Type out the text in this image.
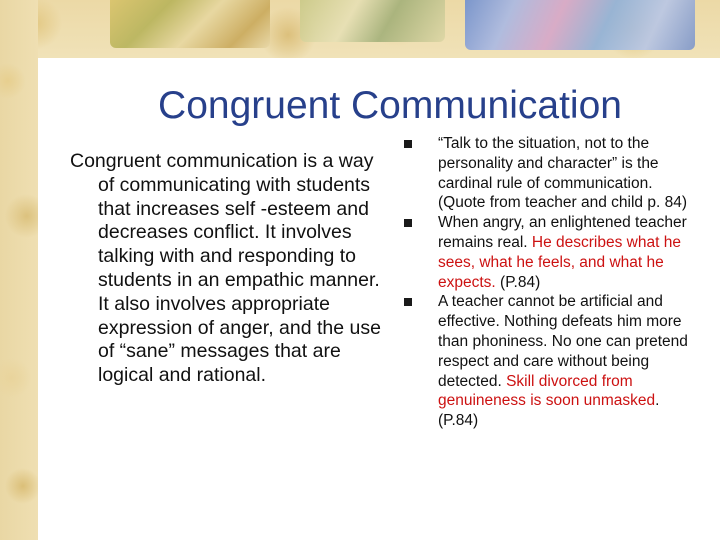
Congruent Communication

Congruent communication is a way of communicating with students that increases self -esteem and decreases conflict. It involves talking with and responding to students in an empathic manner. It also involves appropriate expression of anger, and the use of “sane” messages that are logical and rational.

“Talk to the situation, not to the personality and character” is the cardinal rule of communication.
(Quote from teacher and child p. 84)
When angry, an enlightened teacher remains real. He describes what he sees, what he feels, and what he expects. (P.84)
A teacher cannot be artificial and effective. Nothing defeats him more than phoniness. No one can pretend respect and care without being detected. Skill divorced from genuineness is soon unmasked. (P.84)
